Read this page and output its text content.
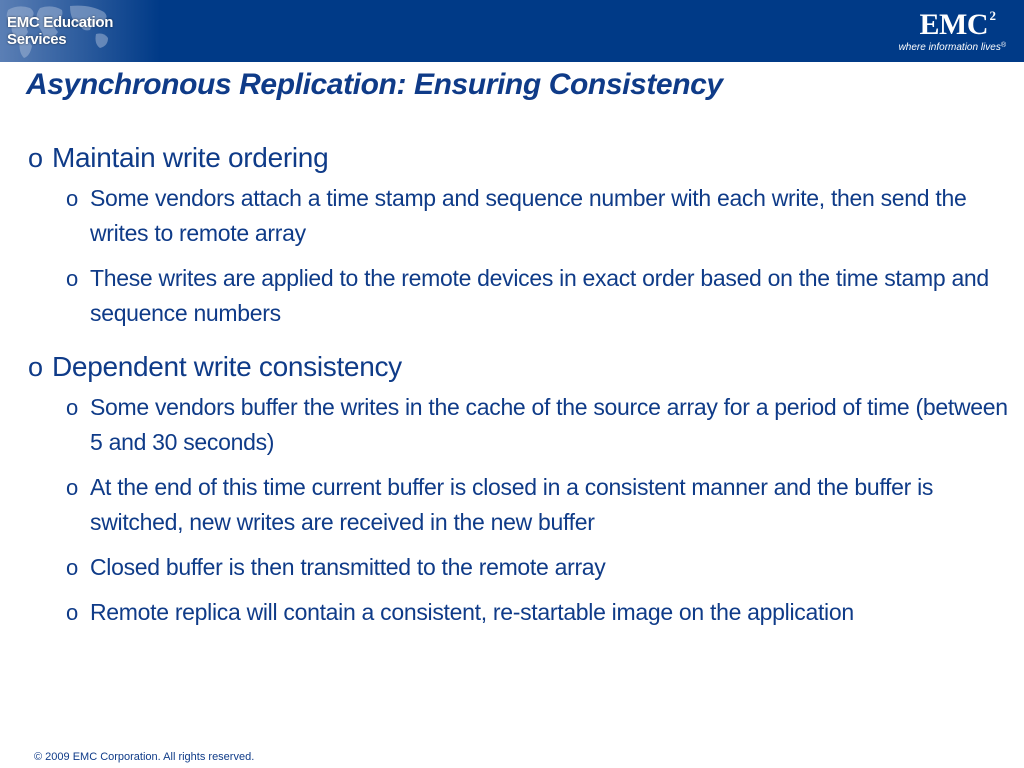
EMC Education Services	EMC 2
where information lives®
Asynchronous Replication: Ensuring Consistency
o Maintain write ordering
o Some vendors attach a time stamp and sequence number with each write, then send the writes to remote array
o These writes are applied to the remote devices in exact order based on the time stamp and sequence numbers
o Dependent write consistency
o Some vendors buffer the writes in the cache of the source array for a period of time (between 5 and 30 seconds)
o At the end of this time current buffer is closed in a consistent manner and the buffer is switched, new writes are received in the new buffer
o Closed buffer is then transmitted to the remote array
o Remote replica will contain a consistent, re-startable image on the application
© 2009 EMC Corporation. All rights reserved.
